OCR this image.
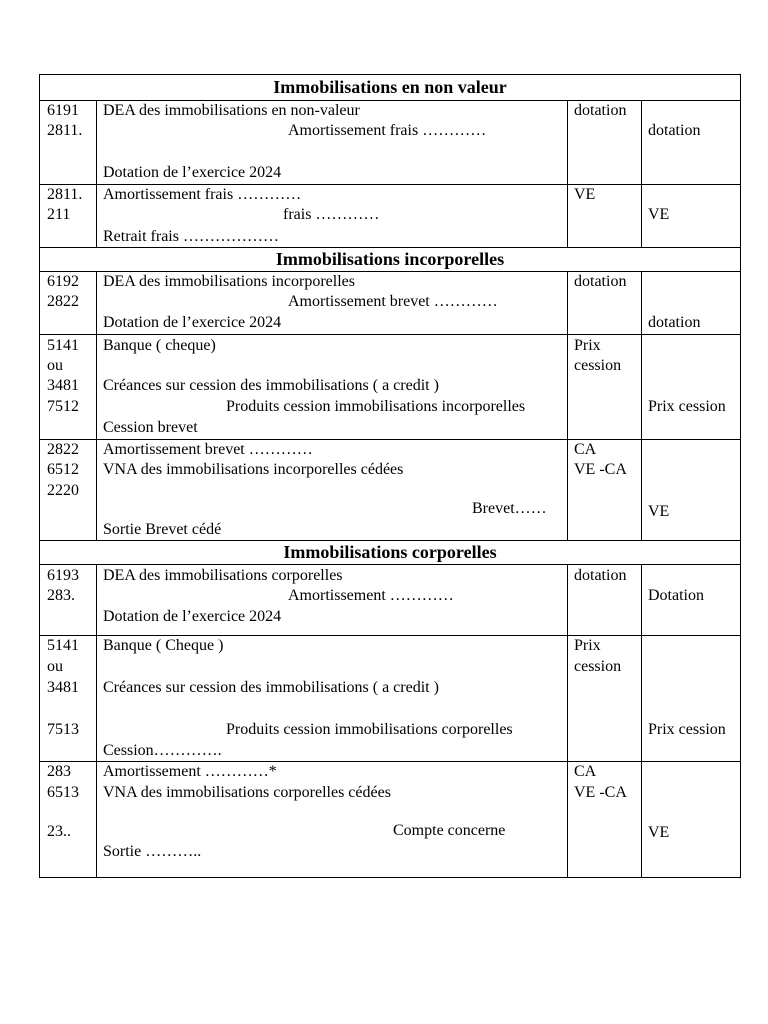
Immobilisations en non valeur
6191
2811.
DEA des immobilisations en non-valeur
Amortissement frais …………
Dotation de l’exercice 2024
dotation
dotation
2811.
211
Amortissement frais …………
frais …………
Retrait frais ………………
VE
VE
Immobilisations incorporelles
6192
2822
DEA des immobilisations incorporelles
Amortissement brevet …………
Dotation de l’exercice 2024
dotation
dotation
5141
ou
3481
7512
Banque ( cheque)
Créances sur cession des immobilisations ( a credit )
Produits cession immobilisations incorporelles
Cession brevet
Prix
cession
Prix cession
2822
6512
2220
Amortissement brevet …………
VNA des immobilisations incorporelles cédées
Brevet……
Sortie Brevet cédé
CA
VE -CA
VE
Immobilisations corporelles
6193
283.
DEA des immobilisations corporelles
Amortissement …………
Dotation de l’exercice 2024
dotation
Dotation
5141
ou
3481
7513
Banque ( Cheque )
Créances sur cession des immobilisations ( a credit )
Produits cession immobilisations corporelles
Cession………….
Prix
cession
Prix cession
283
6513
23..
Amortissement …………*
VNA des immobilisations corporelles cédées
Compte concerne
Sortie ………..
CA
VE -CA
VE
